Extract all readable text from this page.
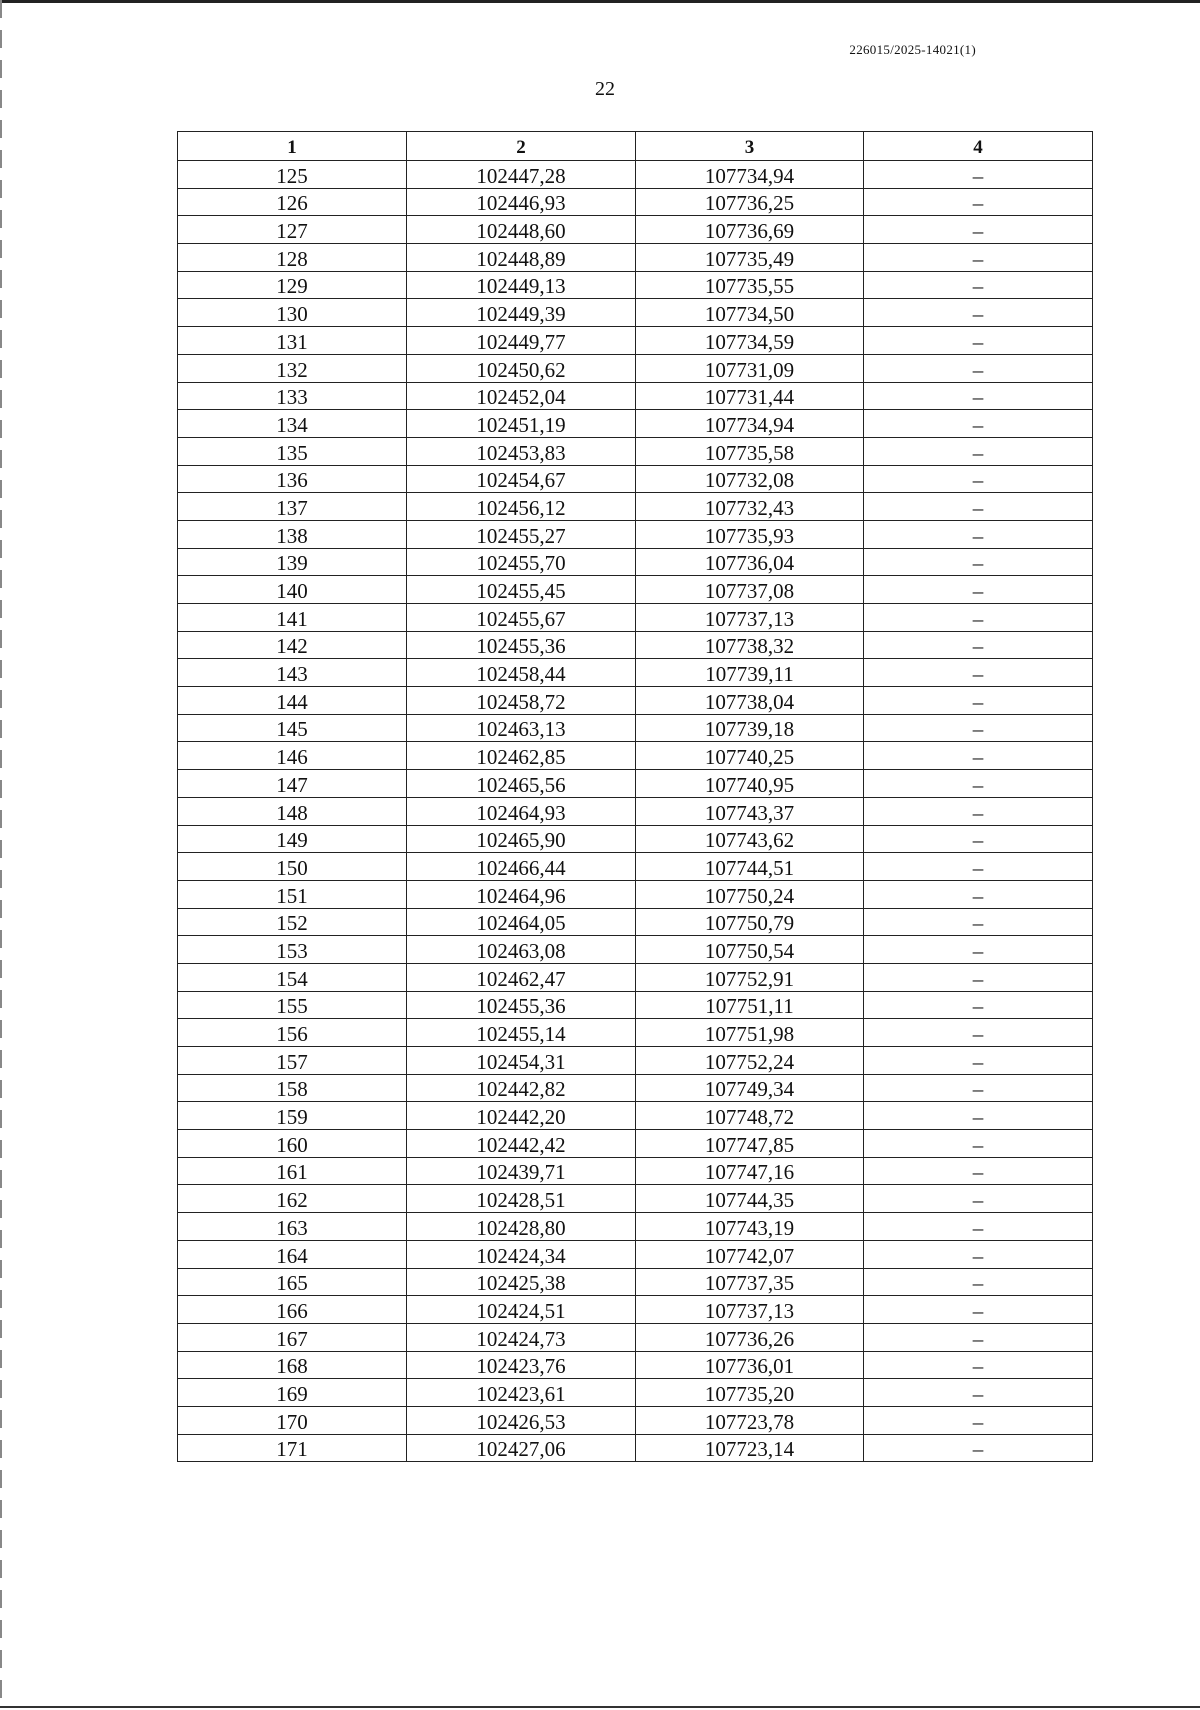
226015/2025-14021(1)
22
1	2	3	4
125	102447,28	107734,94	–
126	102446,93	107736,25	–
127	102448,60	107736,69	–
128	102448,89	107735,49	–
129	102449,13	107735,55	–
130	102449,39	107734,50	–
131	102449,77	107734,59	–
132	102450,62	107731,09	–
133	102452,04	107731,44	–
134	102451,19	107734,94	–
135	102453,83	107735,58	–
136	102454,67	107732,08	–
137	102456,12	107732,43	–
138	102455,27	107735,93	–
139	102455,70	107736,04	–
140	102455,45	107737,08	–
141	102455,67	107737,13	–
142	102455,36	107738,32	–
143	102458,44	107739,11	–
144	102458,72	107738,04	–
145	102463,13	107739,18	–
146	102462,85	107740,25	–
147	102465,56	107740,95	–
148	102464,93	107743,37	–
149	102465,90	107743,62	–
150	102466,44	107744,51	–
151	102464,96	107750,24	–
152	102464,05	107750,79	–
153	102463,08	107750,54	–
154	102462,47	107752,91	–
155	102455,36	107751,11	–
156	102455,14	107751,98	–
157	102454,31	107752,24	–
158	102442,82	107749,34	–
159	102442,20	107748,72	–
160	102442,42	107747,85	–
161	102439,71	107747,16	–
162	102428,51	107744,35	–
163	102428,80	107743,19	–
164	102424,34	107742,07	–
165	102425,38	107737,35	–
166	102424,51	107737,13	–
167	102424,73	107736,26	–
168	102423,76	107736,01	–
169	102423,61	107735,20	–
170	102426,53	107723,78	–
171	102427,06	107723,14	–
